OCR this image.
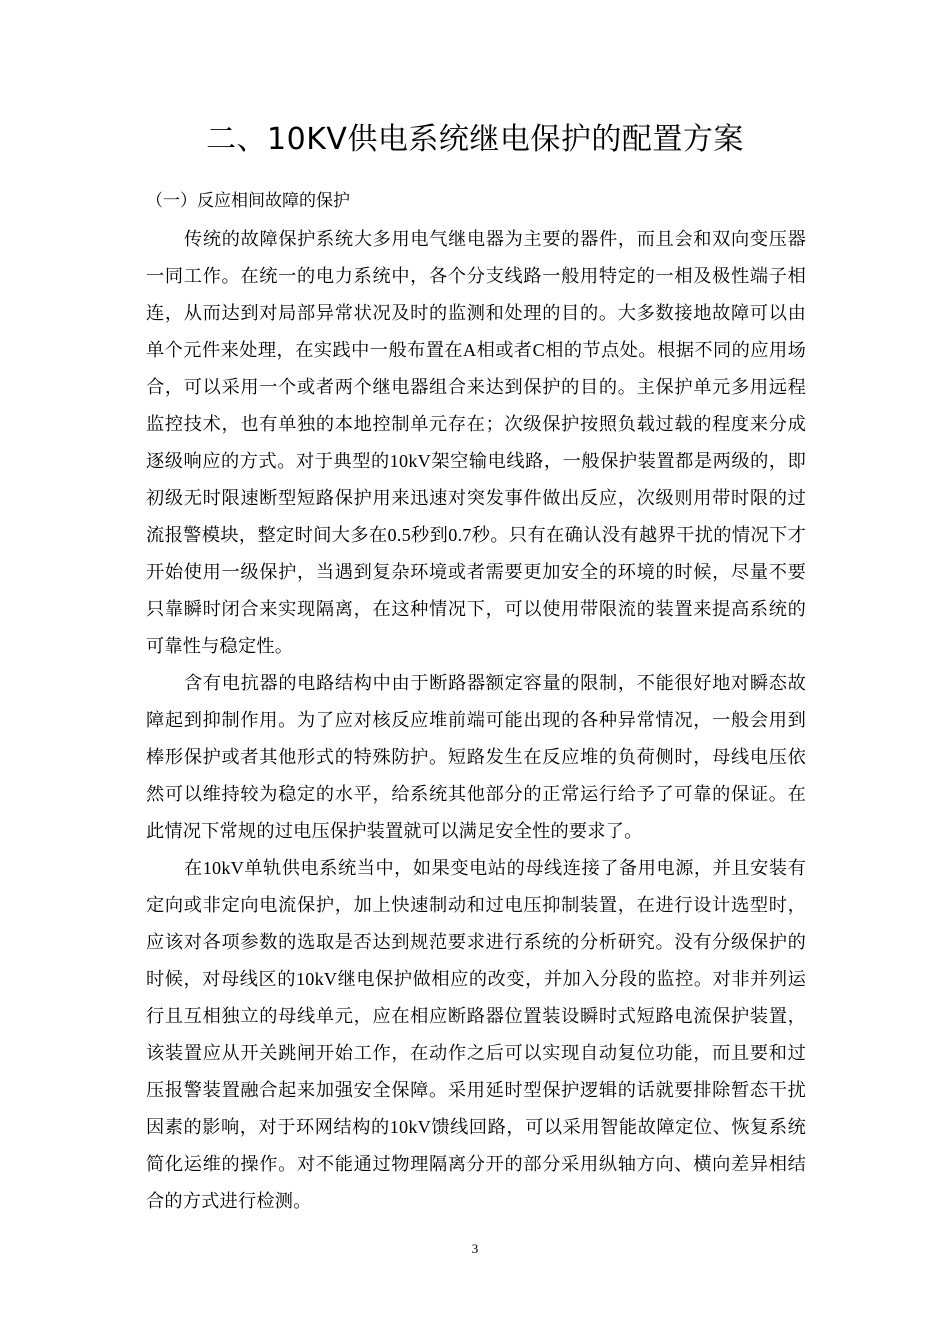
二、10KV供电系统继电保护的配置方案
（一）反应相间故障的保护

传统的故障保护系统大多用电气继电器为主要的器件，而且会和双向变压器一同工作。在统一的电力系统中，各个分支线路一般用特定的一相及极性端子相连，从而达到对局部异常状况及时的监测和处理的目的。大多数接地故障可以由单个元件来处理，在实践中一般布置在A相或者C相的节点处。根据不同的应用场合，可以采用一个或者两个继电器组合来达到保护的目的。主保护单元多用远程监控技术，也有单独的本地控制单元存在；次级保护按照负载过载的程度来分成逐级响应的方式。对于典型的10kV架空输电线路，一般保护装置都是两级的，即初级无时限速断型短路保护用来迅速对突发事件做出反应，次级则用带时限的过流报警模块，整定时间大多在0.5秒到0.7秒。只有在确认没有越界干扰的情况下才开始使用一级保护，当遇到复杂环境或者需要更加安全的环境的时候，尽量不要只靠瞬时闭合来实现隔离，在这种情况下，可以使用带限流的装置来提高系统的可靠性与稳定性。

含有电抗器的电路结构中由于断路器额定容量的限制，不能很好地对瞬态故障起到抑制作用。为了应对核反应堆前端可能出现的各种异常情况，一般会用到棒形保护或者其他形式的特殊防护。短路发生在反应堆的负荷侧时，母线电压依然可以维持较为稳定的水平，给系统其他部分的正常运行给予了可靠的保证。在此情况下常规的过电压保护装置就可以满足安全性的要求了。

在10kV单轨供电系统当中，如果变电站的母线连接了备用电源，并且安装有定向或非定向电流保护，加上快速制动和过电压抑制装置，在进行设计选型时，应该对各项参数的选取是否达到规范要求进行系统的分析研究。没有分级保护的时候，对母线区的10kV继电保护做相应的改变，并加入分段的监控。对非并列运行且互相独立的母线单元，应在相应断路器位置装设瞬时式短路电流保护装置，该装置应从开关跳闸开始工作，在动作之后可以实现自动复位功能，而且要和过压报警装置融合起来加强安全保障。采用延时型保护逻辑的话就要排除暂态干扰因素的影响，对于环网结构的10kV馈线回路，可以采用智能故障定位、恢复系统简化运维的操作。对不能通过物理隔离分开的部分采用纵轴方向、横向差异相结合的方式进行检测。

3
